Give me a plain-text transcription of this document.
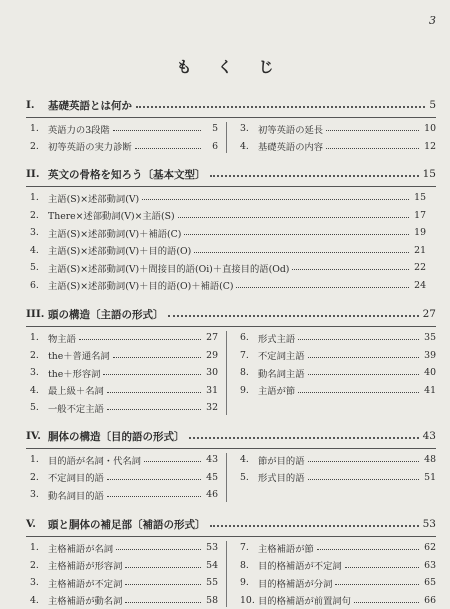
3
もくじ
I.	基礎英語とは何か	5
1. 英語力の3段階	5	3. 初等英語の延長	10
2. 初等英語の実力診断	6	4. 基礎英語の内容	12
II. 英文の骨格を知ろう〔基本文型〕	15
1. 主語(S)×述部動詞(V)	15
2. There×述部動詞(V)×主語(S)	17
3. 主語(S)×述部動詞(V)＋補語(C)	19
4. 主語(S)×述部動詞(V)＋目的語(O)	21
5. 主語(S)×述部動詞(V)＋間接目的語(Oi)＋直接目的語(Od)	22
6. 主語(S)×述部動詞(V)＋目的語(O)＋補語(C)	24
III. 頭の構造〔主語の形式〕	27
1. 物主語	27	6. 形式主語	35
2. the＋普通名詞	29	7. 不定詞主語	39
3. the＋形容詞	30	8. 動名詞主語	40
4. 最上級＋名詞	31	9. 主語が節	41
5. 一般不定主語	32
IV. 胴体の構造〔目的語の形式〕	43
1. 目的語が名詞・代名詞	43	4. 節が目的語	48
2. 不定詞目的語	45	5. 形式目的語	51
3. 動名詞目的語	46
V.	頭と胴体の補足部〔補語の形式〕	53
1. 主格補語が名詞	53	7. 主格補語が節	62
2. 主格補語が形容詞	54	8. 目的格補語が不定詞	63
3. 主格補語が不定詞	55	9. 目的格補語が分詞	65
4. 主格補語が動名詞	58	10. 目的格補語が前置詞句	66
